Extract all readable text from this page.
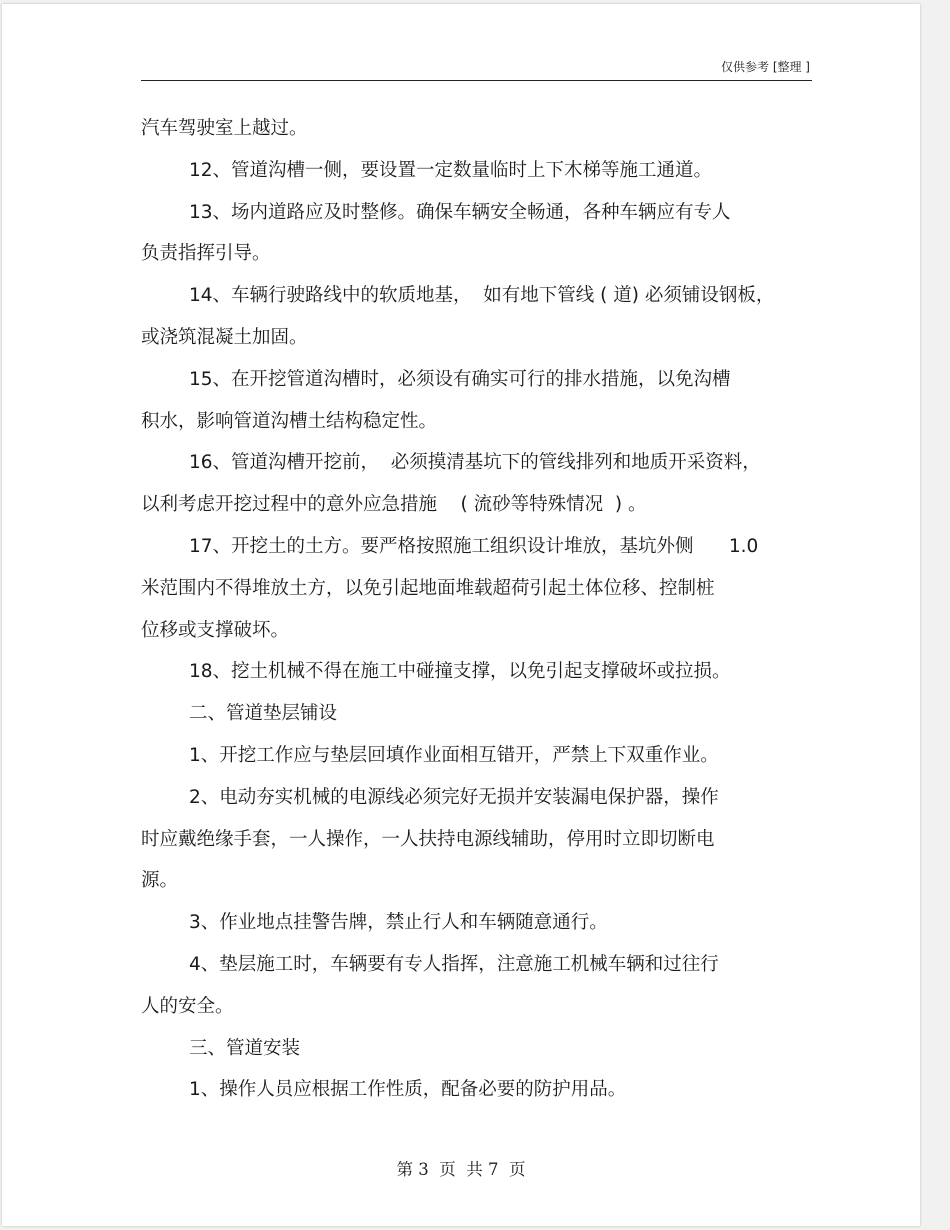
仅供参考 [整理 ]
汽车驾驶室上越过。
12、管道沟槽一侧，要设置一定数量临时上下木梯等施工通道。
13、场内道路应及时整修。确保车辆安全畅通，各种车辆应有专人
负责指挥引导。
14、车辆行驶路线中的软质地基，  如有地下管线 ( 道) 必须铺设钢板，
或浇筑混凝土加固。
15、在开挖管道沟槽时，必须设有确实可行的排水措施，以免沟槽
积水，影响管道沟槽土结构稳定性。
16、管道沟槽开挖前，  必须摸清基坑下的管线排列和地质开采资料，
以利考虑开挖过程中的意外应急措施    ( 流砂等特殊情况  ) 。
17、开挖土的土方。要严格按照施工组织设计堆放，基坑外侧      1.0
米范围内不得堆放土方，以免引起地面堆载超荷引起土体位移、控制桩
位移或支撑破坏。
18、挖土机械不得在施工中碰撞支撑，以免引起支撑破坏或拉损。
二、管道垫层铺设
1、开挖工作应与垫层回填作业面相互错开，严禁上下双重作业。
2、电动夯实机械的电源线必须完好无损并安装漏电保护器，操作
时应戴绝缘手套，一人操作，一人扶持电源线辅助，停用时立即切断电
源。
3、作业地点挂警告牌，禁止行人和车辆随意通行。
4、垫层施工时，车辆要有专人指挥，注意施工机械车辆和过往行
人的安全。
三、管道安装
1、操作人员应根据工作性质，配备必要的防护用品。
第 3  页  共 7  页
